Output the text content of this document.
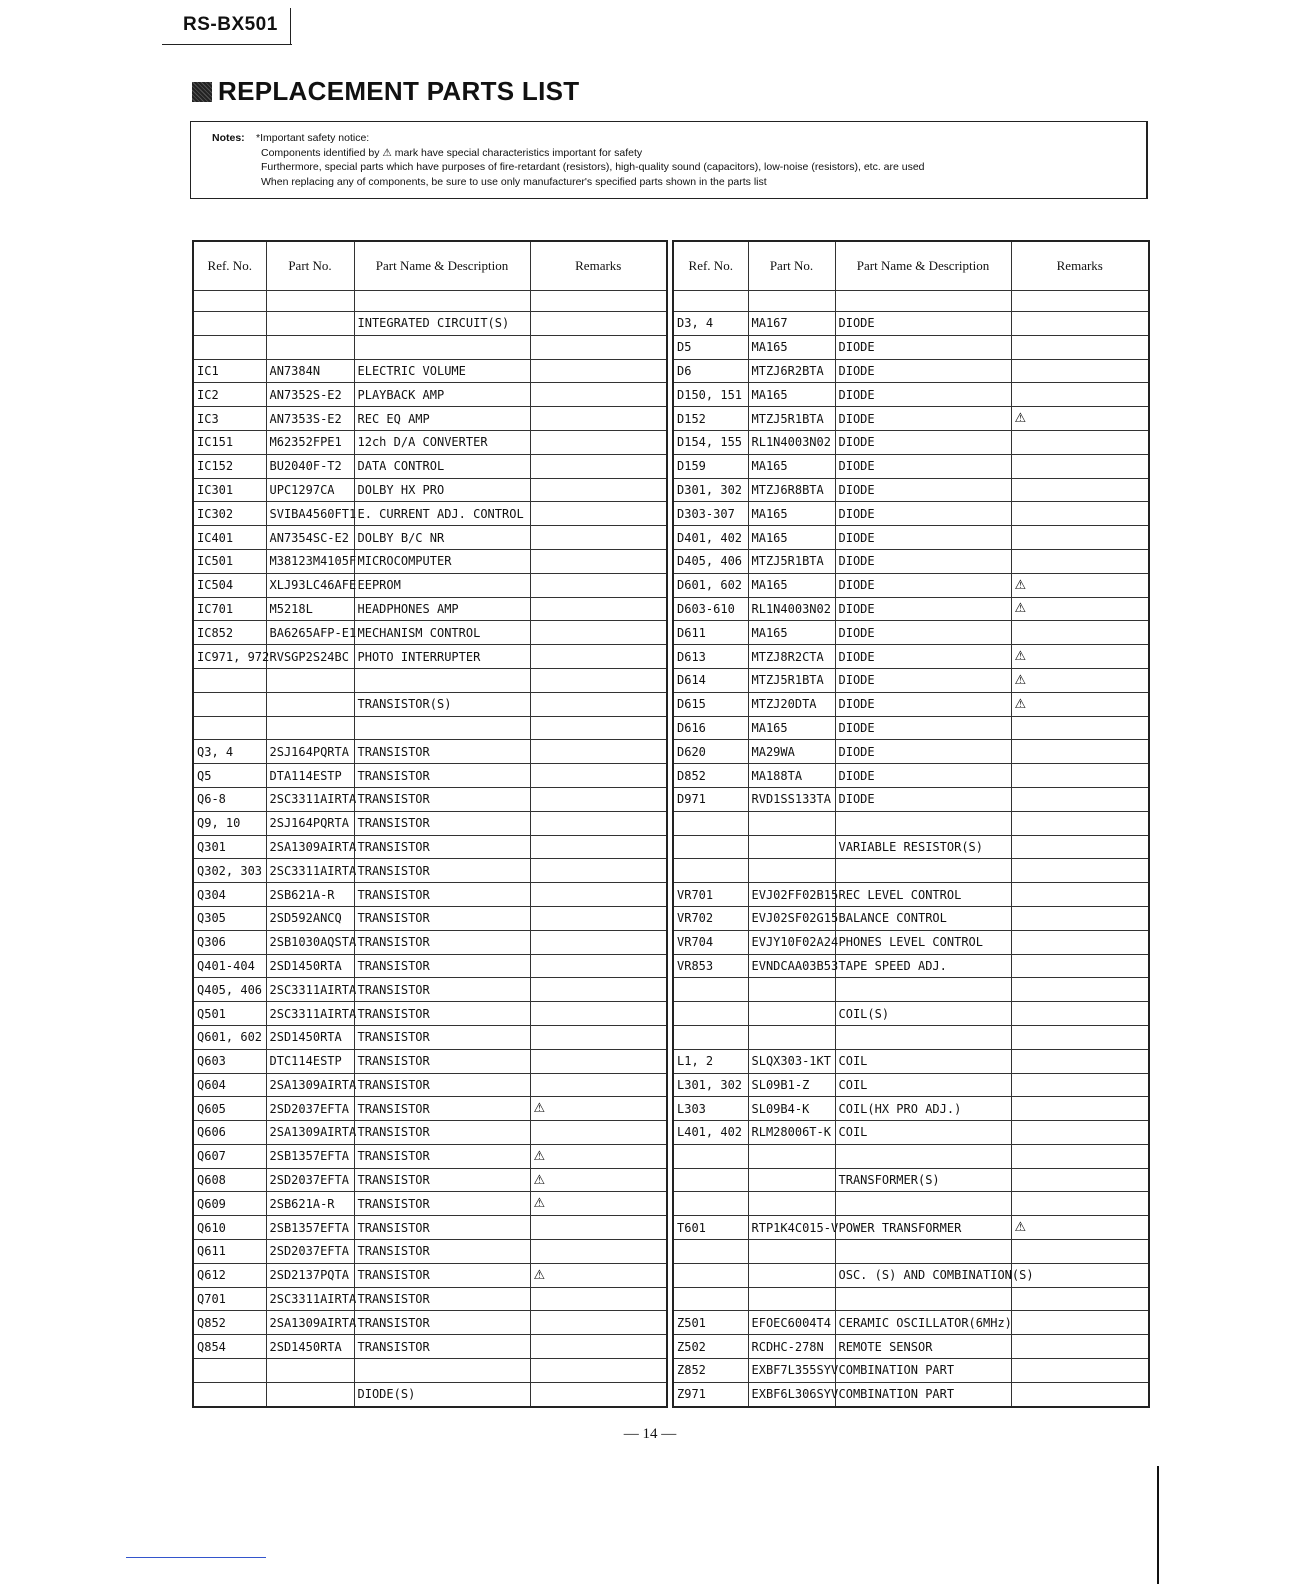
RS-BX501
REPLACEMENT PARTS LIST
Notes: *Important safety notice:
Components identified by ⚠ mark have special characteristics important for safety
Furthermore, special parts which have purposes of fire-retardant (resistors), high-quality sound (capacitors), low-noise (resistors), etc. are used
When replacing any of components, be sure to use only manufacturer's specified parts shown in the parts list
Ref. No.	Part No.	Part Name & Description	Remarks

		INTEGRATED CIRCUIT(S)	

IC1	AN7384N	ELECTRIC VOLUME	
IC2	AN7352S-E2	PLAYBACK AMP	
IC3	AN7353S-E2	REC EQ AMP	
IC151	M62352FPE1	12ch D/A CONVERTER	
IC152	BU2040F-T2	DATA CONTROL	
IC301	UPC1297CA	DOLBY HX PRO	
IC302	SVIBA4560FT1	E. CURRENT ADJ. CONTROL	
IC401	AN7354SC-E2	DOLBY B/C NR	
IC501	M38123M4105F	MICROCOMPUTER	
IC504	XLJ93LC46AFE	EEPROM	
IC701	M5218L	HEADPHONES AMP	
IC852	BA6265AFP-E1	MECHANISM CONTROL	
IC971, 972	RVSGP2S24BC	PHOTO INTERRUPTER	

		TRANSISTOR(S)	

Q3, 4	2SJ164PQRTA	TRANSISTOR	
Q5	DTA114ESTP	TRANSISTOR	
Q6-8	2SC3311AIRTA	TRANSISTOR	
Q9, 10	2SJ164PQRTA	TRANSISTOR	
Q301	2SA1309AIRTA	TRANSISTOR	
Q302, 303	2SC3311AIRTA	TRANSISTOR	
Q304	2SB621A-R	TRANSISTOR	
Q305	2SD592ANCQ	TRANSISTOR	
Q306	2SB1030AQSTA	TRANSISTOR	
Q401-404	2SD1450RTA	TRANSISTOR	
Q405, 406	2SC3311AIRTA	TRANSISTOR	
Q501	2SC3311AIRTA	TRANSISTOR	
Q601, 602	2SD1450RTA	TRANSISTOR	
Q603	DTC114ESTP	TRANSISTOR	
Q604	2SA1309AIRTA	TRANSISTOR	
Q605	2SD2037EFTA	TRANSISTOR	⚠
Q606	2SA1309AIRTA	TRANSISTOR	
Q607	2SB1357EFTA	TRANSISTOR	⚠
Q608	2SD2037EFTA	TRANSISTOR	⚠
Q609	2SB621A-R	TRANSISTOR	⚠
Q610	2SB1357EFTA	TRANSISTOR	
Q611	2SD2037EFTA	TRANSISTOR	
Q612	2SD2137PQTA	TRANSISTOR	⚠
Q701	2SC3311AIRTA	TRANSISTOR	
Q852	2SA1309AIRTA	TRANSISTOR	
Q854	2SD1450RTA	TRANSISTOR	

		DIODE(S)	
Ref. No.	Part No.	Part Name & Description	Remarks

D3, 4	MA167	DIODE	
D5	MA165	DIODE	
D6	MTZJ6R2BTA	DIODE	
D150, 151	MA165	DIODE	
D152	MTZJ5R1BTA	DIODE	⚠
D154, 155	RL1N4003N02	DIODE	
D159	MA165	DIODE	
D301, 302	MTZJ6R8BTA	DIODE	
D303-307	MA165	DIODE	
D401, 402	MA165	DIODE	
D405, 406	MTZJ5R1BTA	DIODE	
D601, 602	MA165	DIODE	⚠
D603-610	RL1N4003N02	DIODE	⚠
D611	MA165	DIODE	
D613	MTZJ8R2CTA	DIODE	⚠
D614	MTZJ5R1BTA	DIODE	⚠
D615	MTZJ20DTA	DIODE	⚠
D616	MA165	DIODE	
D620	MA29WA	DIODE	
D852	MA188TA	DIODE	
D971	RVD1SS133TA	DIODE	

		VARIABLE RESISTOR(S)	

VR701	EVJ02FF02B15	REC LEVEL CONTROL	
VR702	EVJ02SF02G15	BALANCE CONTROL	
VR704	EVJY10F02A24	PHONES LEVEL CONTROL	
VR853	EVNDCAA03B53	TAPE SPEED ADJ.	

		COIL(S)	

L1, 2	SLQX303-1KT	COIL	
L301, 302	SL09B1-Z	COIL	
L303	SL09B4-K	COIL(HX PRO ADJ.)	
L401, 402	RLM28006T-K	COIL	

		TRANSFORMER(S)	

T601	RTP1K4C015-V	POWER TRANSFORMER	⚠

		OSC. (S) AND COMBINATION(S)	

Z501	EFOEC6004T4	CERAMIC OSCILLATOR(6MHz)	
Z502	RCDHC-278N	REMOTE SENSOR	
Z852	EXBF7L355SYV	COMBINATION PART	
Z971	EXBF6L306SYV	COMBINATION PART	
— 14 —
